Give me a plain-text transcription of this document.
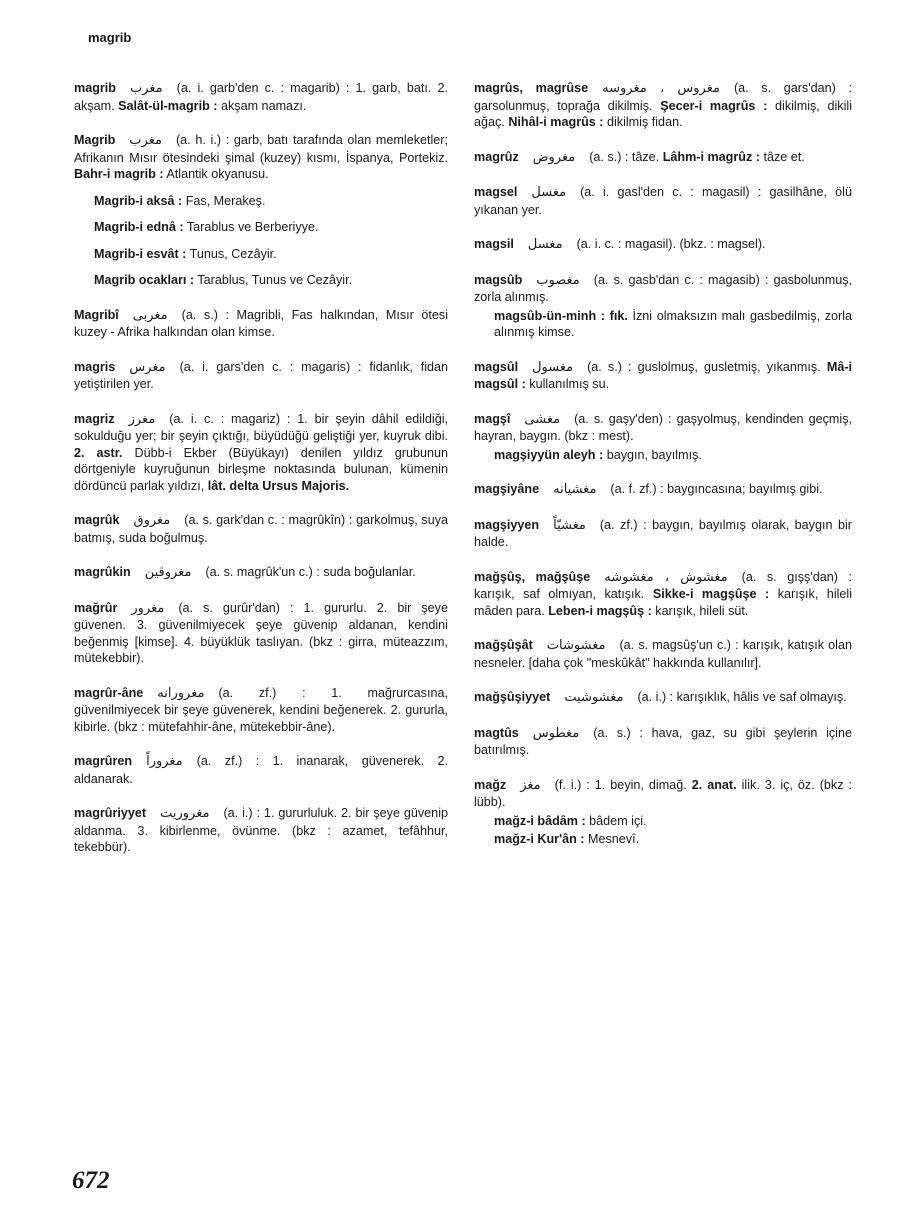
magrib
magrib مغرب (a. i. garb'den c. : magarib) : 1. garb, batı. 2. akşam. Salât-ül-magrib : akşam namazı.
Magrib مغرب (a. h. i.) : garb, batı tarafında olan memleketler; Afrikanın Mısır ötesindeki şimal (kuzey) kısmı, İspanya, Portekiz. Bahr-i magrib : Atlantik okyanusu.
Magrib-i aksâ : Fas, Merakeş.
Magrib-i ednâ : Tarablus ve Berberiyye.
Magrib-i esvât : Tunus, Cezâyir.
Magrib ocakları : Tarablus, Tunus ve Cezâyir.
Magribî مغربى (a. s.) : Magribli, Fas halkından, Mısır ötesi kuzey - Afrika halkından olan kimse.
magris مغرس (a. i. gars'den c. : magaris) : fidanlık, fidan yetiştirilen yer.
magriz مغرز (a. i. c. : magariz) : 1. bir şeyin dâhil edildiği, sokulduğu yer; bir şeyin çıktığı, büyüdüğü geliştiği yer, kuyruk dibi. 2. astr. Dübb-i Ekber (Büyükayı) denilen yıldız grubunun dörtgeniyle kuyruğunun birleşme noktasında bulunan, kümenin dördüncü parlak yıldızı, lât. delta Ursus Majoris.
magrûk مغروق (a. s. gark'dan c. : magrûkîn) : garkolmuş, suya batmış, suda boğulmuş.
magrûkin مغروقين (a. s. magrûk'un c.) : suda boğulanlar.
mağrûr مغرور (a. s. gurûr'dan) : 1. gururlu. 2. bir şeye güvenen. 3. güvenilmiyecek şeye güvenip aldanan, kendini beğenmiş [kimse]. 4. büyüklük taslıyan. (bkz : girra, müteazzım, mütekebbir).
magrûr-âne مغرورانه (a. zf.) : 1. mağrurcasına, güvenilmiyecek bir şeye güvenerek, kendini beğenerek. 2. gururla, kibirle. (bkz : mütefahhir-âne, mütekebbir-âne).
magrûren مغروراً (a. zf.) : 1. inanarak, güvenerek. 2. aldanarak.
magrûriyyet مغروريت (a. i.) : 1. gururluluk. 2. bir şeye güvenip aldanma. 3. kibirlenme, övünme. (bkz : azamet, tefâhhur, tekebbür).
magrûs, magrûse مغروس ، مغروسه (a. s. gars'dan) : garsolunmuş, toprağa dikilmiş. Şecer-i magrûs : dikilmiş, dikili ağaç. Nihâl-i magrûs : dikilmiş fidan.
magrûz مغروض (a. s.) : tâze. Lâhm-i magrûz : tâze et.
magsel مغسل (a. i. gasl'den c. : magasil) : gasilhâne, ölü yıkanan yer.
magsil مغسل (a. i. c. : magasil). (bkz. : magsel).
magsûb مغصوب (a. s. gasb'dan c. : magasib) : gasbolunmuş, zorla alınmış.
magsûb-ün-minh : fık. İzni olmaksızın malı gasbedilmiş, zorla alınmış kimse.
magsûl مغسول (a. s.) : guslolmuş, gusletmiş, yıkanmış. Mâ-i magsûl : kullanılmış su.
magşî مغشى (a. s. gaşy'den) : gaşyolmuş, kendinden geçmiş, hayran, baygın. (bkz : mest).
magşiyyün aleyh : baygın, bayılmış.
magşiyâne مغشيانه (a. f. zf.) : baygıncasına; bayılmış gibi.
magşiyyen مغشيّاً (a. zf.) : baygın, bayılmış olarak, baygın bir halde.
mağşûş, mağşûşe مغشوش ، مغشوشه (a. s. gışş'dan) : karışık, saf olmıyan, katışık. Sikke-i magşûşe : karışık, hileli mâden para. Leben-i magşûş : karışık, hileli süt.
mağşûşât مغشوشات (a. s. magsûş'un c.) : karışık, katışık olan nesneler. [daha çok "meskûkât" hakkında kullanılır].
mağşûşiyyet مغشوشيت (a. i.) : karışıklık, hâlis ve saf olmayış.
magtûs مغطوس (a. s.) : hava, gaz, su gibi şeylerin içine batırılmış.
mağz مغز (f. i.) : 1. beyin, dimağ. 2. anat. ilik. 3. iç, öz. (bkz : lübb).
mağz-i bâdâm : bâdem içi.
mağz-i Kur'ân : Mesnevî.
672
